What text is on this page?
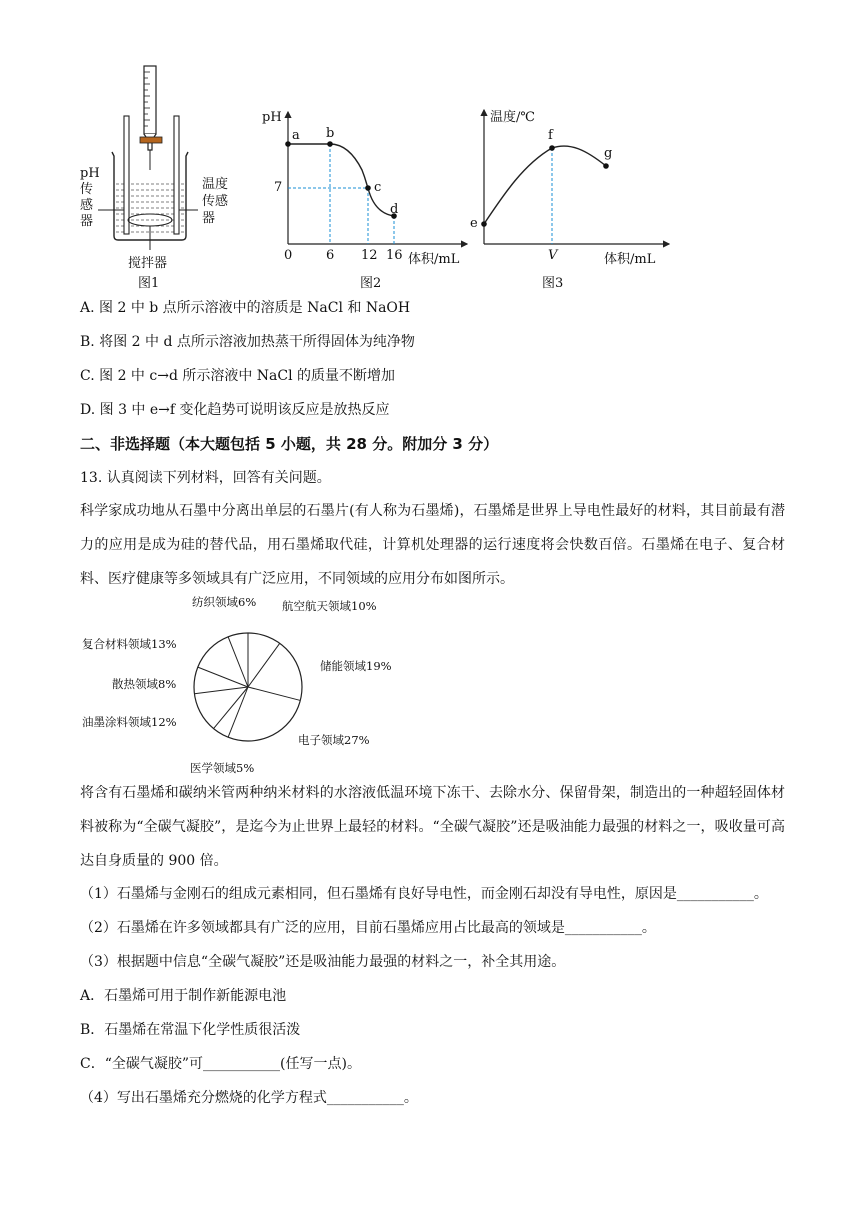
pH
传
感
器
温度
传感
器
搅拌器
图1
pH
a b
c
d
7
0	6 12 16 体积/mL
图2
温度/℃
e
f
g
V	体积/mL
图3
A. 图 2 中 b 点所示溶液中的溶质是 NaCl 和 NaOH
B. 将图 2 中 d 点所示溶液加热蒸干所得固体为纯净物
C. 图 2 中 c→d 所示溶液中 NaCl 的质量不断增加
D. 图 3 中 e→f 变化趋势可说明该反应是放热反应
二、非选择题（本大题包括 5 小题，共 28 分。附加分 3 分）
13. 认真阅读下列材料，回答有关问题。
科学家成功地从石墨中分离出单层的石墨片(有人称为石墨烯)，石墨烯是世界上导电性最好的材料，其目前最有潜力的应用是成为硅的替代品，用石墨烯取代硅，计算机处理器的运行速度将会快数百倍。石墨烯在电子、复合材料、医疗健康等多领域具有广泛应用，不同领域的应用分布如图所示。
纺织领域6% 航空航天领域10%
储能领域19%
电子领域27%
医学领域5%
油墨涂料领域12%
散热领域8%
复合材料领域13%
将含有石墨烯和碳纳米管两种纳米材料的水溶液低温环境下冻干、去除水分、保留骨架，制造出的一种超轻固体材料被称为“全碳气凝胶”，是迄今为止世界上最轻的材料。“全碳气凝胶”还是吸油能力最强的材料之一，吸收量可高达自身质量的 900 倍。
（1）石墨烯与金刚石的组成元素相同，但石墨烯有良好导电性，而金刚石却没有导电性，原因是___________。
（2）石墨烯在许多领域都具有广泛的应用，目前石墨烯应用占比最高的领域是___________。
（3）根据题中信息“全碳气凝胶”还是吸油能力最强的材料之一，补全其用途。
A．石墨烯可用于制作新能源电池
B．石墨烯在常温下化学性质很活泼
C．“全碳气凝胶”可___________(任写一点)。
（4）写出石墨烯充分燃烧的化学方程式___________。
